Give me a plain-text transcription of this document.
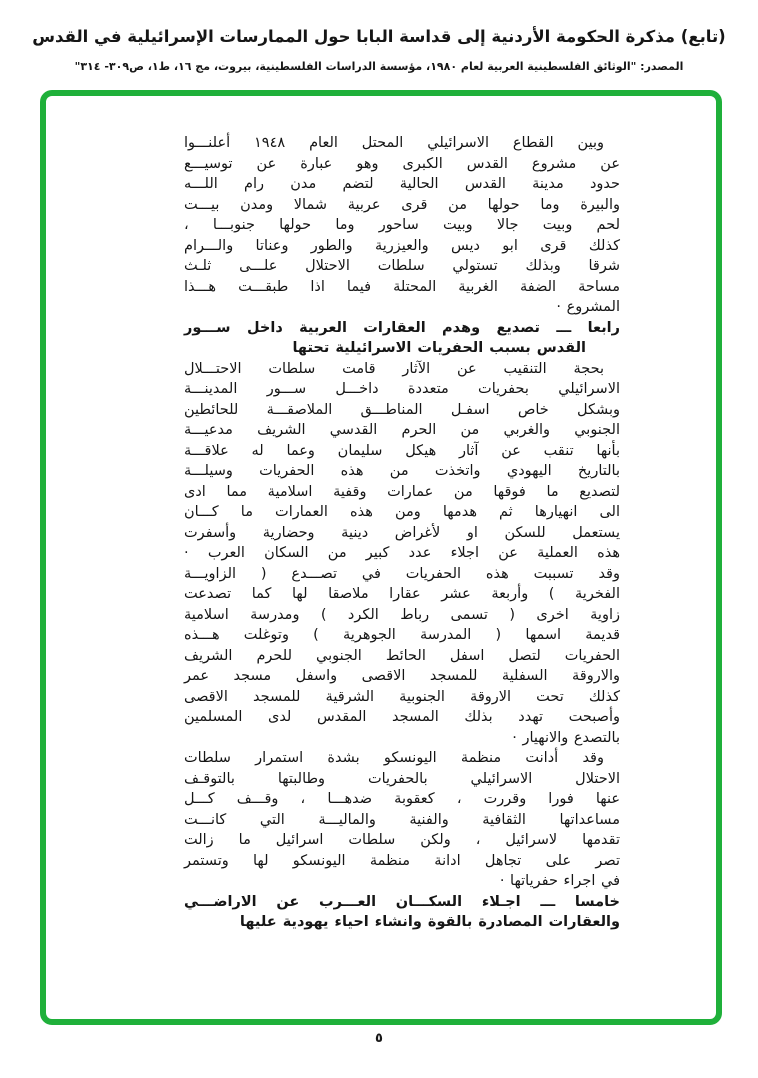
(تابع) مذكرة الحكومة الأردنية إلى قداسة البابا حول الممارسات الإسرائيلية في القدس
المصدر: "الوثائق الفلسطينية العربية لعام ١٩٨٠، مؤسسة الدراسات الفلسطينية، بيروت، مج ١٦، ط١، ص٣٠٩- ٣١٤"
وبين القطاع الاسرائيلي المحتل العام ١٩٤٨ أعلنـــوا
عن مشروع القدس الكبرى وهو عبارة عن توسيـــع
حدود مدينة القدس الحالية لتضم مدن رام اللـــه
والبيرة وما حولها من قرى عربية شمالا ومدن بيـــت
لحم وبيت جالا وبيت ساحور وما حولها جنوبـــا ،
كذلك قرى ابو ديس والعيزرية والطور وعناتا والـــرام
شرقا وبذلك تستولي سلطات الاحتلال علـــى ثلـث
مساحة الضفة الغربية المحتلة فيما اذا طبقـــت هـــذا
المشروع ·
رابعا ـــ تصديع وهدم العقارات العربية داخل ســـور
القدس بسبب الحفريات الاسرائيلية تحتها
بحجة التنقيب عن الآثار قامت سلطات الاحتـــلال
الاسرائيلي بحفريات متعددة داخـــل ســـور المدينـــة
وبشكل خاص اسفـل المناطـــق الملاصقـــة للحائطين
الجنوبي والغربي من الحرم القدسي الشريف مدعيـــة
بأنها تنقب عن آثار هيكل سليمان وعما له علاقـــة
بالتاريخ اليهودي واتخذت من هذه الحفريات وسيلـــة
لتصديع ما فوقها من عمارات وقفية اسلامية مما ادى
الى انهيارها ثم هدمها ومن هذه العمارات ما كـــان
يستعمل للسكن او لأغراض دينية وحضارية وأسفرت
هذه العملية عن اجلاء عدد كبير من السكان العرب ·
وقد تسببت هذه الحفريات في تصـــدع ( الزاويـــة
الفخرية ) وأربعة عشر عقارا ملاصقا لها كما تصدعت
زاوية اخرى ( تسمى رباط الكرد ) ومدرسة اسلامية
قديمة اسمها ( المدرسة الجوهرية ) وتوغلت هـــذه
الحفريات لتصل اسفل الحائط الجنوبي للحرم الشريف
والاروقة السفلية للمسجد الاقصى واسفل مسجد عمر
كذلك تحت الاروقة الجنوبية الشرقية للمسجد الاقصى
وأصبحت تهدد بذلك المسجد المقدس لدى المسلمين
بالتصدع والانهيار ·
وقد أدانت منظمة اليونسكو بشدة استمرار سلطات
الاحتلال الاسرائيلي بالحفريات وطالبتها بالتوقـف
عنها فورا وقررت ، كعقوبة ضدهـــا ، وقـــف كـــل
مساعداتها الثقافية والفنية والماليـــة التي كانـــت
تقدمها لاسرائيل ، ولكن سلطات اسرائيل ما زالت
تصر على تجاهل ادانة منظمة اليونسكو لها وتستمر
في اجراء حفرياتها ·
خامسا ـــ اجـلاء السكـــان العـــرب عن الاراضـــي
والعقارات المصادرة بالقوة وانشاء احياء يهودية عليها
٥
